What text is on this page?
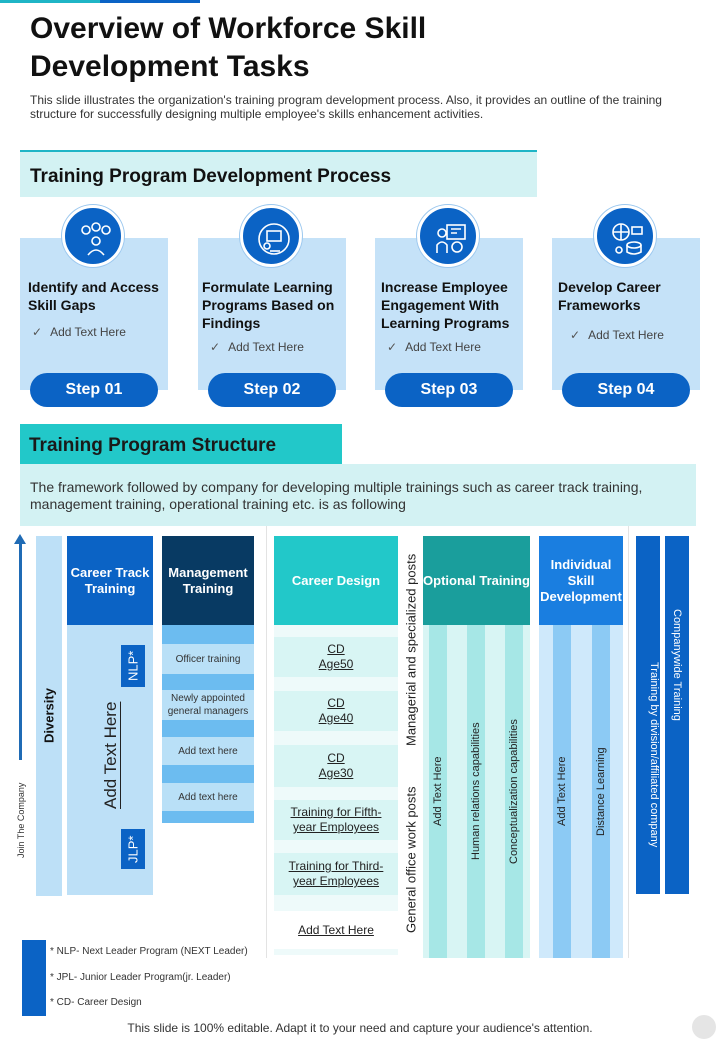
Overview of Workforce Skill
Development Tasks
This slide illustrates the organization's training program development process. Also, it provides an outline of the training structure for successfully designing multiple employee's skills enhancement activities.
Training Program Development Process
Identify and Access Skill Gaps
✓ Add Text Here
Formulate Learning Programs Based on Findings
✓ Add Text Here
Increase Employee Engagement With Learning Programs
✓ Add Text Here
Develop Career Frameworks
✓ Add Text Here
Step 01	Step 02	Step 03	Step 04
Training Program Structure
The framework followed by company for developing multiple trainings such as career track training, management training, operational training etc. is as following
Join The Company
Diversity
Career Track Training
NLP*
JLP*
Add Text Here
Management Training
Officer training
Newly appointed general managers
Add text here
Add text here
Career Design
CD
Age50
CD
Age40
CD
Age30
Training for Fifth-
year Employees
Training for Third-
year Employees
Add Text Here
Managerial and specialized posts
General office work posts
Optional Training
Add Text Here Human relations capabilities Conceptualization capabilities
Individual Skill Development
Add Text Here Distance Learning	Training by division/affiliated company	Companywide Training
* NLP- Next Leader Program (NEXT Leader)
* JPL- Junior Leader Program(jr. Leader)
* CD- Career Design
This slide is 100% editable. Adapt it to your need and capture your audience's attention.
